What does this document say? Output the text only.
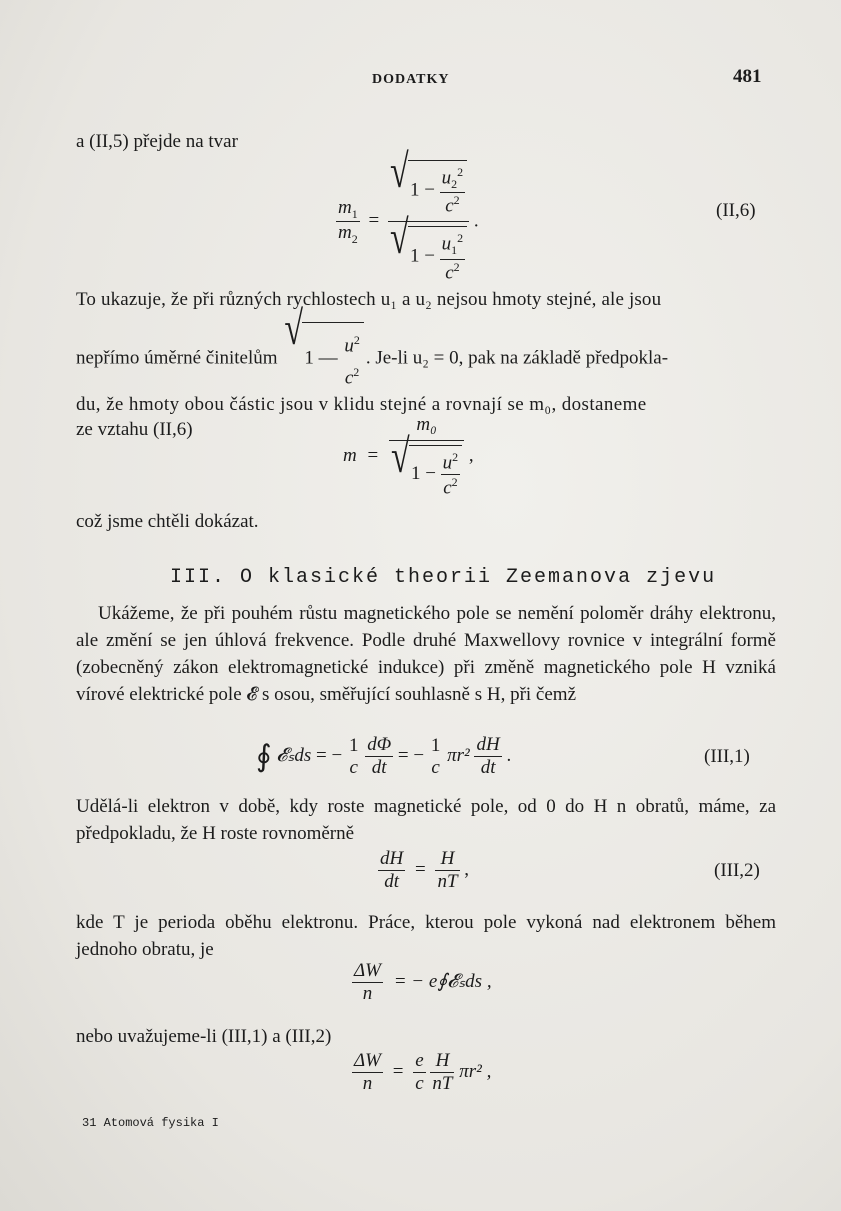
DODATKY	481
a (II,5) přejde na tvar
$\frac{m_1}{m_2}$ = √ $1 - \frac{u_2^2}{c^2}$
√ $1 - \frac{u_1^2}{c^2}$ .	(II,6)
To ukazuje, že při různých rychlostech u₁ a u₂ nejsou hmoty stejné, ale jsou
nepřímo úměrné činitelům √ 1 —
$u^2$
$c^2$
. Je-li u₂ = 0, pak na základě předpokla-
du, že hmoty obou částic jsou v klidu stejné a rovnají se m₀, dostaneme
ze vztahu (II,6)
m = m₀
√ $1 - \frac{u^2}{c^2}$ ,
což jsme chtěli dokázat.
III. O klasické theorii Zeemanova zjevu
Ukážeme, že při pouhém růstu magnetického pole se nemění poloměr dráhy elektronu, ale změní se jen úhlová frekvence. Podle druhé Maxwellovy rovnice v integrální formě (zobecněný zákon elektromagnetické indukce) při změně magnetického pole H vzniká vírové elektrické pole 𝓔 s osou, směřující souhlasně s H, při čemž
∮ 𝓔ₛds = − 1
c
$\frac{d\Phi}{dt}$ = − 1
c
$\pi r^2 \frac{dH}{dt}$ .	(III,1)
Udělá-li elektron v době, kdy roste magnetické pole, od 0 do H n obratů, máme, za předpokladu, že H roste rovnoměrně
$\frac{dH}{dt} = \frac{H}{nT}$ ,	(III,2)
kde T je perioda oběhu elektronu. Práce, kterou pole vykoná nad elektronem během jednoho obratu, je
$\frac{\Delta W}{n}$ = − e∮𝓔ₛds ,
nebo uvažujeme-li (III,1) a (III,2)
$\frac{\Delta W}{n} = \frac{e}{c}$
$\frac{H}{nT} \pi r^2$ ,
31 Atomová fysika I
